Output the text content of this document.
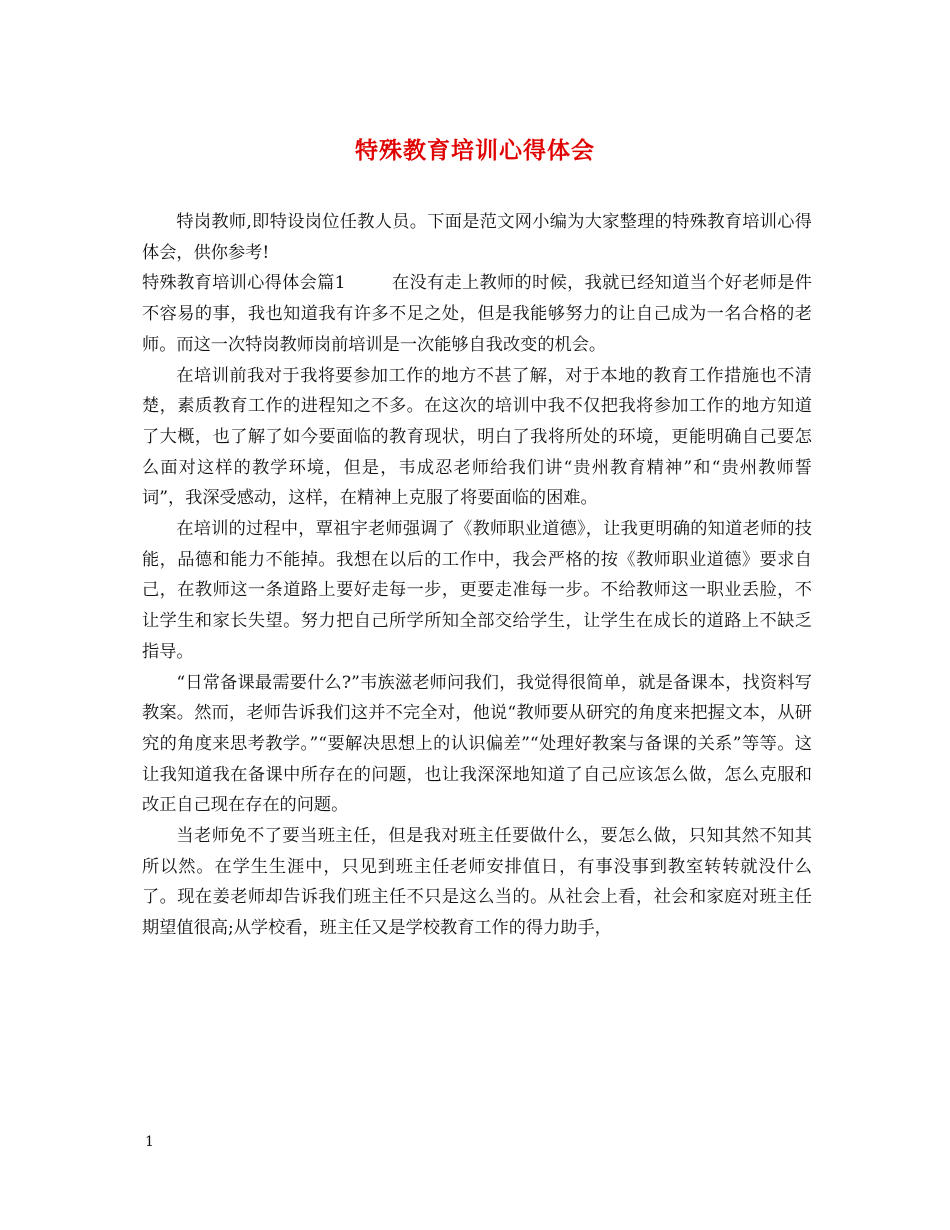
特殊教育培训心得体会

特岗教师,即特设岗位任教人员。下面是范文网小编为大家整理的特殊教育培训心得体会，供你参考!

特殊教育培训心得体会篇1	在没有走上教师的时候，我就已经知道当个好老师是件不容易的事，我也知道我有许多不足之处，但是我能够努力的让自己成为一名合格的老师。而这一次特岗教师岗前培训是一次能够自我改变的机会。

在培训前我对于我将要参加工作的地方不甚了解，对于本地的教育工作措施也不清楚，素质教育工作的进程知之不多。在这次的培训中我不仅把我将参加工作的地方知道了大概，也了解了如今要面临的教育现状，明白了我将所处的环境，更能明确自己要怎么面对这样的教学环境，但是，韦成忍老师给我们讲“贵州教育精神”和“贵州教师誓词”，我深受感动，这样，在精神上克服了将要面临的困难。

在培训的过程中，覃祖宇老师强调了《教师职业道德》，让我更明确的知道老师的技能，品德和能力不能掉。我想在以后的工作中，我会严格的按《教师职业道德》要求自己，在教师这一条道路上要好走每一步，更要走准每一步。不给教师这一职业丢脸，不让学生和家长失望。努力把自己所学所知全部交给学生，让学生在成长的道路上不缺乏指导。

“日常备课最需要什么?”韦族滋老师问我们，我觉得很简单，就是备课本，找资料写教案。然而，老师告诉我们这并不完全对，他说“教师要从研究的角度来把握文本，从研究的角度来思考教学。”“要解决思想上的认识偏差”“处理好教案与备课的关系”等等。这让我知道我在备课中所存在的问题，也让我深深地知道了自己应该怎么做，怎么克服和改正自己现在存在的问题。

当老师免不了要当班主任，但是我对班主任要做什么，要怎么做，只知其然不知其所以然。在学生生涯中，只见到班主任老师安排值日，有事没事到教室转转就没什么了。现在姜老师却告诉我们班主任不只是这么当的。从社会上看，社会和家庭对班主任期望值很高;从学校看，班主任又是学校教育工作的得力助手，

1
